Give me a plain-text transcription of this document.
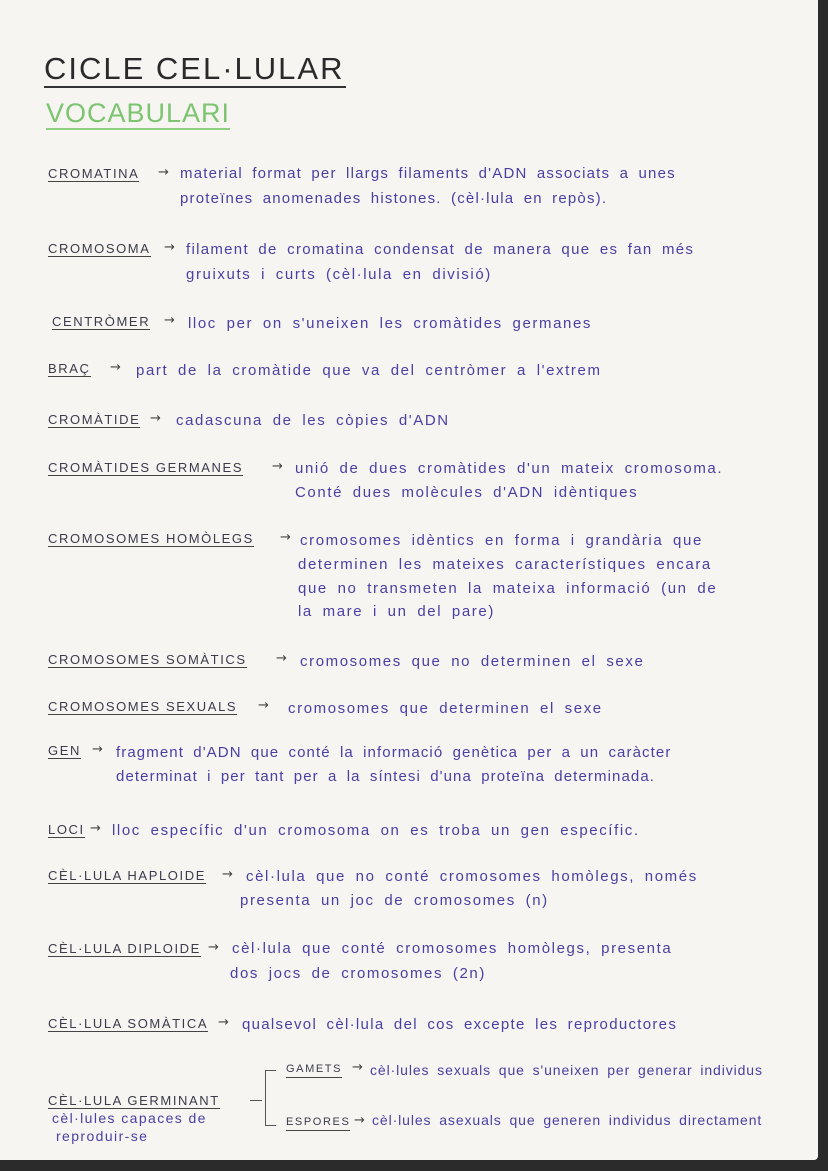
CICLE CEL·LULAR
VOCABULARI
CROMATINA → material format per llargs filaments d'ADN associats a unes
proteïnes anomenades histones. (cèl·lula en repòs).
CROMOSOMA → filament de cromatina condensat de manera que es fan més
gruixuts i curts (cèl·lula en divisió)
CENTRÒMER → lloc per on s'uneixen les cromàtides germanes
BRAÇ → part de la cromàtide que va del centròmer a l'extrem
CROMÀTIDE → cadascuna de les còpies d'ADN
CROMÀTIDES GERMANES → unió de dues cromàtides d'un mateix cromosoma.
Conté dues molècules d'ADN idèntiques
CROMOSOMES HOMÒLEGS → cromosomes idèntics en forma i grandària que
determinen les mateixes característiques encara
que no transmeten la mateixa informació (un de
la mare i un del pare)
CROMOSOMES SOMÀTICS → cromosomes que no determinen el sexe
CROMOSOMES SEXUALS → cromosomes que determinen el sexe
GEN → fragment d'ADN que conté la informació genètica per a un caràcter
determinat i per tant per a la síntesi d'una proteïna determinada.
LOCI → lloc específic d'un cromosoma on es troba un gen específic.
CÈL·LULA HAPLOIDE → cèl·lula que no conté cromosomes homòlegs, només
presenta un joc de cromosomes (n)
CÈL·LULA DIPLOIDE → cèl·lula que conté cromosomes homòlegs, presenta
dos jocs de cromosomes (2n)
CÈL·LULA SOMÀTICA → qualsevol cèl·lula del cos excepte les reproductores
CÈL·LULA GERMINANT
cèl·lules capaces de
reproduir-se
GAMETS → cèl·lules sexuals que s'uneixen per generar individus
ESPORES → cèl·lules asexuals que generen individus directament
